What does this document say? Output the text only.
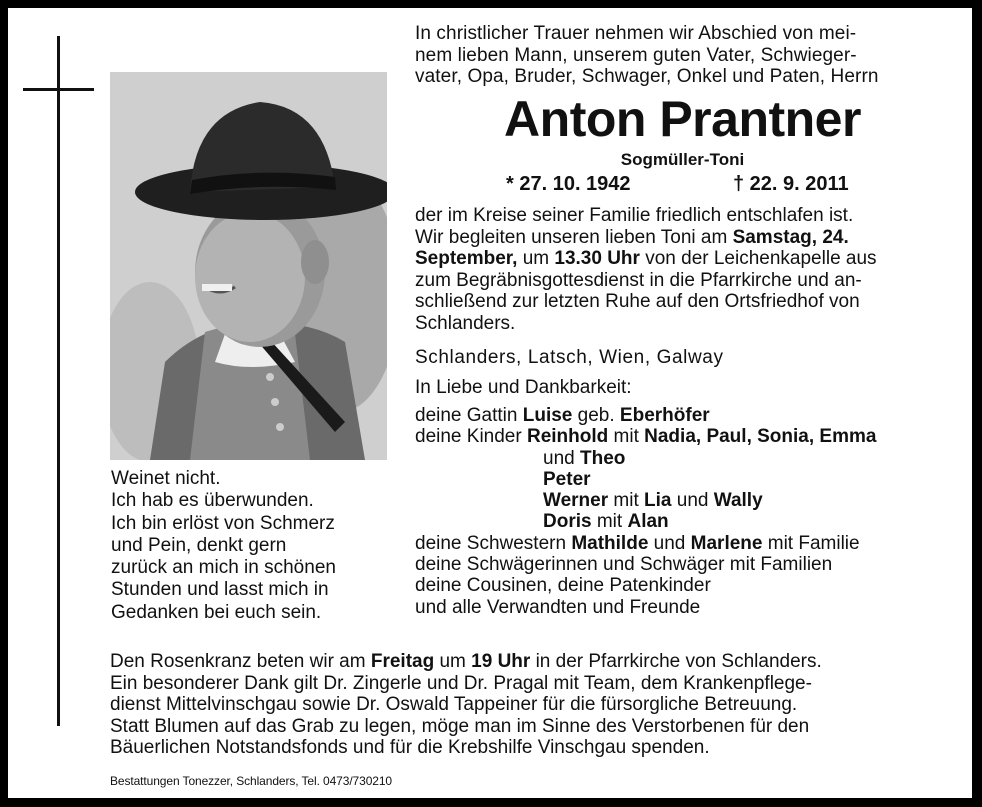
Weinet nicht.
Ich hab es überwunden.
Ich bin erlöst von Schmerz
und Pein, denkt gern
zurück an mich in schönen
Stunden und lasst mich in
Gedanken bei euch sein.
In christlicher Trauer nehmen wir Abschied von mei-
nem lieben Mann, unserem guten Vater, Schwieger-
vater, Opa, Bruder, Schwager, Onkel und Paten, Herrn
Anton Prantner
Sogmüller-Toni
* 27. 10. 1942	† 22. 9. 2011
der im Kreise seiner Familie friedlich entschlafen ist.
Wir begleiten unseren lieben Toni am Samstag, 24.
September, um 13.30 Uhr von der Leichenkapelle aus
zum Begräbnisgottesdienst in die Pfarrkirche und an-
schließend zur letzten Ruhe auf den Ortsfriedhof von
Schlanders.
Schlanders, Latsch, Wien, Galway
In Liebe und Dankbarkeit:
deine Gattin Luise geb. Eberhöfer
deine Kinder Reinhold mit Nadia, Paul, Sonia, Emma
und Theo
Peter
Werner mit Lia und Wally
Doris mit Alan
deine Schwestern Mathilde und Marlene mit Familie
deine Schwägerinnen und Schwäger mit Familien
deine Cousinen, deine Patenkinder
und alle Verwandten und Freunde
Den Rosenkranz beten wir am Freitag um 19 Uhr in der Pfarrkirche von Schlanders.
Ein besonderer Dank gilt Dr. Zingerle und Dr. Pragal mit Team, dem Krankenpflege-
dienst Mittelvinschgau sowie Dr. Oswald Tappeiner für die fürsorgliche Betreuung.
Statt Blumen auf das Grab zu legen, möge man im Sinne des Verstorbenen für den
Bäuerlichen Notstandsfonds und für die Krebshilfe Vinschgau spenden.
Bestattungen Tonezzer, Schlanders, Tel. 0473/730210
